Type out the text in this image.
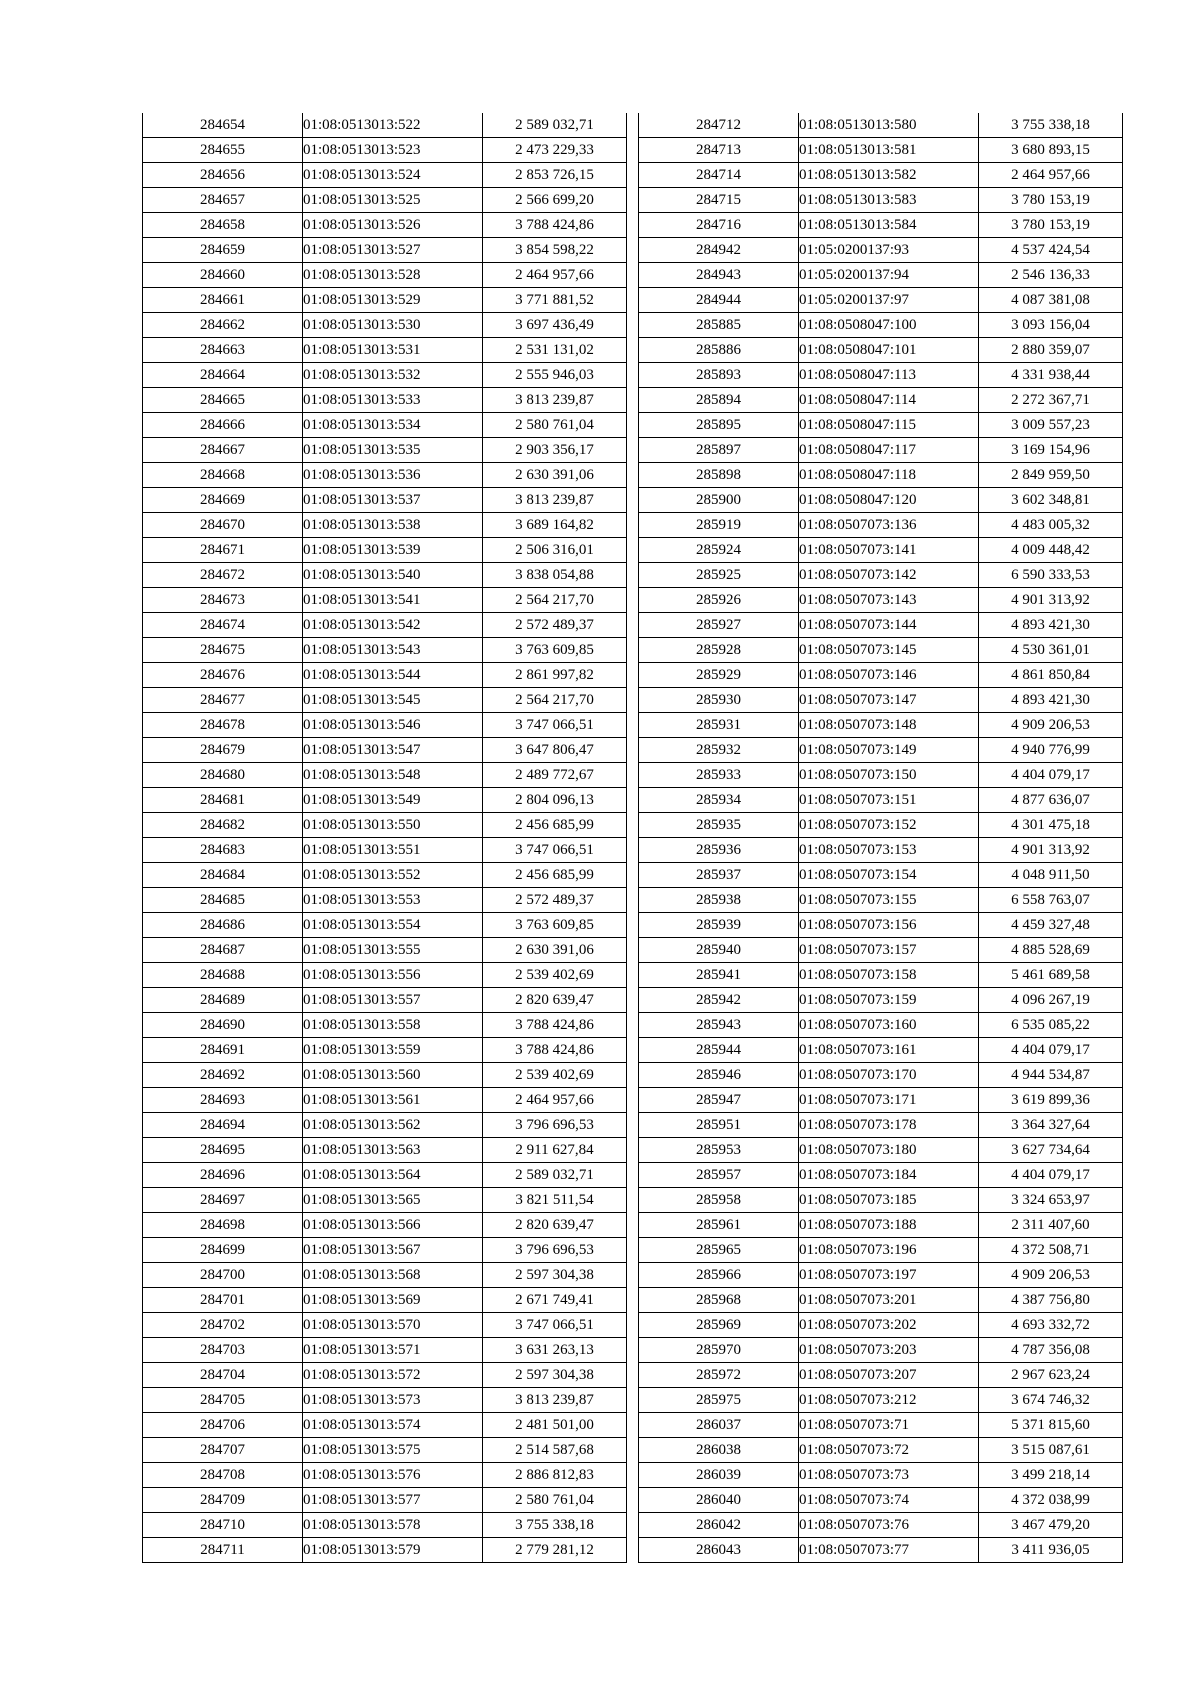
284654	01:08:0513013:522	2 589 032,71
284655	01:08:0513013:523	2 473 229,33
284656	01:08:0513013:524	2 853 726,15
284657	01:08:0513013:525	2 566 699,20
284658	01:08:0513013:526	3 788 424,86
284659	01:08:0513013:527	3 854 598,22
284660	01:08:0513013:528	2 464 957,66
284661	01:08:0513013:529	3 771 881,52
284662	01:08:0513013:530	3 697 436,49
284663	01:08:0513013:531	2 531 131,02
284664	01:08:0513013:532	2 555 946,03
284665	01:08:0513013:533	3 813 239,87
284666	01:08:0513013:534	2 580 761,04
284667	01:08:0513013:535	2 903 356,17
284668	01:08:0513013:536	2 630 391,06
284669	01:08:0513013:537	3 813 239,87
284670	01:08:0513013:538	3 689 164,82
284671	01:08:0513013:539	2 506 316,01
284672	01:08:0513013:540	3 838 054,88
284673	01:08:0513013:541	2 564 217,70
284674	01:08:0513013:542	2 572 489,37
284675	01:08:0513013:543	3 763 609,85
284676	01:08:0513013:544	2 861 997,82
284677	01:08:0513013:545	2 564 217,70
284678	01:08:0513013:546	3 747 066,51
284679	01:08:0513013:547	3 647 806,47
284680	01:08:0513013:548	2 489 772,67
284681	01:08:0513013:549	2 804 096,13
284682	01:08:0513013:550	2 456 685,99
284683	01:08:0513013:551	3 747 066,51
284684	01:08:0513013:552	2 456 685,99
284685	01:08:0513013:553	2 572 489,37
284686	01:08:0513013:554	3 763 609,85
284687	01:08:0513013:555	2 630 391,06
284688	01:08:0513013:556	2 539 402,69
284689	01:08:0513013:557	2 820 639,47
284690	01:08:0513013:558	3 788 424,86
284691	01:08:0513013:559	3 788 424,86
284692	01:08:0513013:560	2 539 402,69
284693	01:08:0513013:561	2 464 957,66
284694	01:08:0513013:562	3 796 696,53
284695	01:08:0513013:563	2 911 627,84
284696	01:08:0513013:564	2 589 032,71
284697	01:08:0513013:565	3 821 511,54
284698	01:08:0513013:566	2 820 639,47
284699	01:08:0513013:567	3 796 696,53
284700	01:08:0513013:568	2 597 304,38
284701	01:08:0513013:569	2 671 749,41
284702	01:08:0513013:570	3 747 066,51
284703	01:08:0513013:571	3 631 263,13
284704	01:08:0513013:572	2 597 304,38
284705	01:08:0513013:573	3 813 239,87
284706	01:08:0513013:574	2 481 501,00
284707	01:08:0513013:575	2 514 587,68
284708	01:08:0513013:576	2 886 812,83
284709	01:08:0513013:577	2 580 761,04
284710	01:08:0513013:578	3 755 338,18
284711	01:08:0513013:579	2 779 281,12
284712	01:08:0513013:580	3 755 338,18
284713	01:08:0513013:581	3 680 893,15
284714	01:08:0513013:582	2 464 957,66
284715	01:08:0513013:583	3 780 153,19
284716	01:08:0513013:584	3 780 153,19
284942	01:05:0200137:93	4 537 424,54
284943	01:05:0200137:94	2 546 136,33
284944	01:05:0200137:97	4 087 381,08
285885	01:08:0508047:100	3 093 156,04
285886	01:08:0508047:101	2 880 359,07
285893	01:08:0508047:113	4 331 938,44
285894	01:08:0508047:114	2 272 367,71
285895	01:08:0508047:115	3 009 557,23
285897	01:08:0508047:117	3 169 154,96
285898	01:08:0508047:118	2 849 959,50
285900	01:08:0508047:120	3 602 348,81
285919	01:08:0507073:136	4 483 005,32
285924	01:08:0507073:141	4 009 448,42
285925	01:08:0507073:142	6 590 333,53
285926	01:08:0507073:143	4 901 313,92
285927	01:08:0507073:144	4 893 421,30
285928	01:08:0507073:145	4 530 361,01
285929	01:08:0507073:146	4 861 850,84
285930	01:08:0507073:147	4 893 421,30
285931	01:08:0507073:148	4 909 206,53
285932	01:08:0507073:149	4 940 776,99
285933	01:08:0507073:150	4 404 079,17
285934	01:08:0507073:151	4 877 636,07
285935	01:08:0507073:152	4 301 475,18
285936	01:08:0507073:153	4 901 313,92
285937	01:08:0507073:154	4 048 911,50
285938	01:08:0507073:155	6 558 763,07
285939	01:08:0507073:156	4 459 327,48
285940	01:08:0507073:157	4 885 528,69
285941	01:08:0507073:158	5 461 689,58
285942	01:08:0507073:159	4 096 267,19
285943	01:08:0507073:160	6 535 085,22
285944	01:08:0507073:161	4 404 079,17
285946	01:08:0507073:170	4 944 534,87
285947	01:08:0507073:171	3 619 899,36
285951	01:08:0507073:178	3 364 327,64
285953	01:08:0507073:180	3 627 734,64
285957	01:08:0507073:184	4 404 079,17
285958	01:08:0507073:185	3 324 653,97
285961	01:08:0507073:188	2 311 407,60
285965	01:08:0507073:196	4 372 508,71
285966	01:08:0507073:197	4 909 206,53
285968	01:08:0507073:201	4 387 756,80
285969	01:08:0507073:202	4 693 332,72
285970	01:08:0507073:203	4 787 356,08
285972	01:08:0507073:207	2 967 623,24
285975	01:08:0507073:212	3 674 746,32
286037	01:08:0507073:71	5 371 815,60
286038	01:08:0507073:72	3 515 087,61
286039	01:08:0507073:73	3 499 218,14
286040	01:08:0507073:74	4 372 038,99
286042	01:08:0507073:76	3 467 479,20
286043	01:08:0507073:77	3 411 936,05
